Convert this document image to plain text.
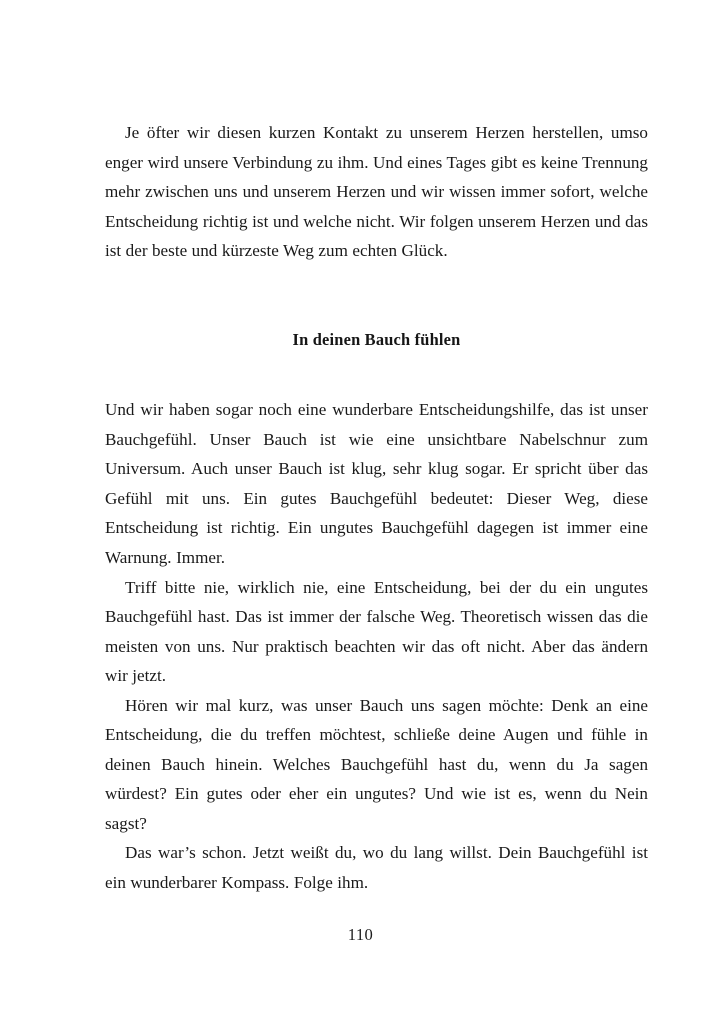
Je öfter wir diesen kurzen Kontakt zu unserem Herzen herstellen, umso enger wird unsere Verbindung zu ihm. Und eines Tages gibt es keine Trennung mehr zwischen uns und unserem Herzen und wir wissen immer sofort, welche Entscheidung richtig ist und welche nicht. Wir folgen unserem Herzen und das ist der beste und kürzeste Weg zum echten Glück.

In deinen Bauch fühlen

Und wir haben sogar noch eine wunderbare Entscheidungshilfe, das ist unser Bauchgefühl. Unser Bauch ist wie eine unsichtbare Nabelschnur zum Universum. Auch unser Bauch ist klug, sehr klug sogar. Er spricht über das Gefühl mit uns. Ein gutes Bauchgefühl bedeutet: Dieser Weg, diese Entscheidung ist richtig. Ein ungutes Bauchgefühl dagegen ist immer eine Warnung. Immer.

Triff bitte nie, wirklich nie, eine Entscheidung, bei der du ein ungutes Bauchgefühl hast. Das ist immer der falsche Weg. Theoretisch wissen das die meisten von uns. Nur praktisch beachten wir das oft nicht. Aber das ändern wir jetzt.

Hören wir mal kurz, was unser Bauch uns sagen möchte: Denk an eine Entscheidung, die du treffen möchtest, schließe deine Augen und fühle in deinen Bauch hinein. Welches Bauchgefühl hast du, wenn du Ja sagen würdest? Ein gutes oder eher ein ungutes? Und wie ist es, wenn du Nein sagst?

Das war’s schon. Jetzt weißt du, wo du lang willst. Dein Bauchgefühl ist ein wunderbarer Kompass. Folge ihm.

110
